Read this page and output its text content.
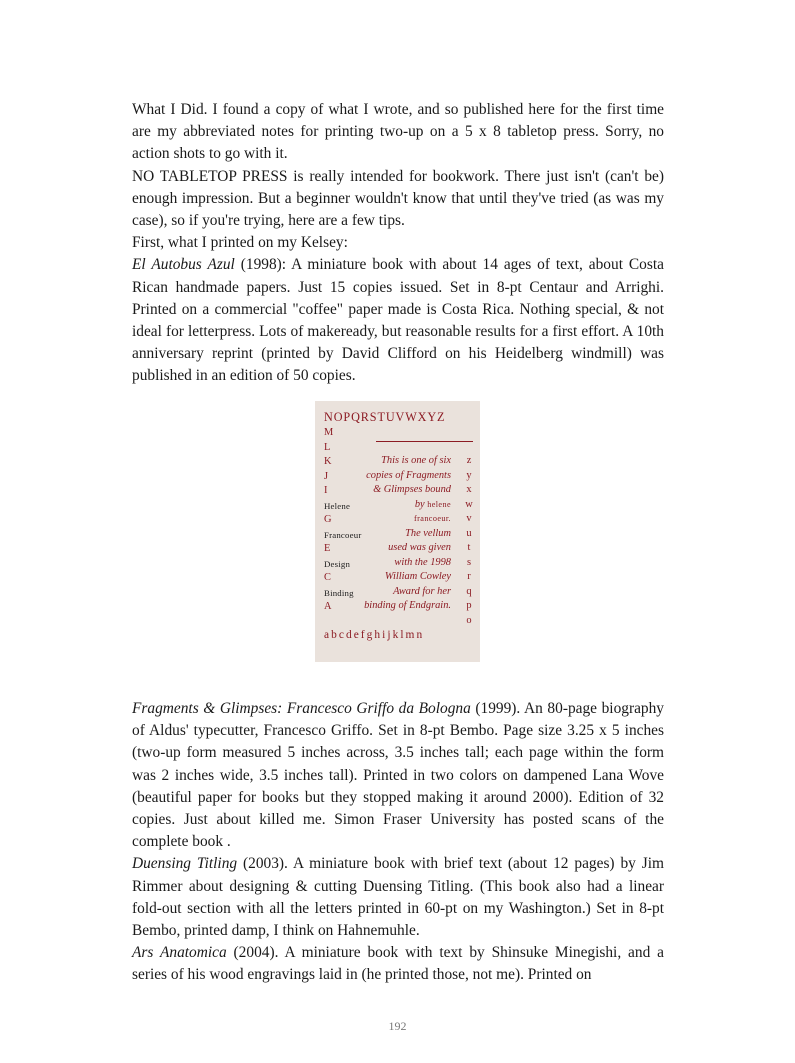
What I Did. I found a copy of what I wrote, and so published here for the first time are my abbreviated notes for printing two-up on a 5 x 8 tabletop press. Sorry, no action shots to go with it.

NO TABLETOP PRESS is really intended for bookwork. There just isn't (can't be) enough impression. But a beginner wouldn't know that until they've tried (as was my case), so if you're trying, here are a few tips.

First, what I printed on my Kelsey:

El Autobus Azul (1998): A miniature book with about 14 ages of text, about Costa Rican handmade papers. Just 15 copies issued. Set in 8-pt Centaur and Arrighi. Printed on a commercial "coffee" paper made is Costa Rica. Nothing special, & not ideal for letterpress. Lots of makeready, but reasonable results for a first effort. A 10th anniversary reprint (printed by David Clifford on his Heidelberg windmill) was published in an edition of 50 copies.

NOPQRSTUVWXYZ
M
L
K
J
I
Helene
G
Francoeur
E
Design
C
Binding
A
This is one of six
copies of Fragments
& Glimpses bound
by helene
francoeur.
The vellum
used was given
with the 1998
William Cowley
Award for her
binding of Endgrain.
z
y
x
w
v
u
t
s
r
q
p
o
abcdefghijklmn

Fragments & Glimpses: Francesco Griffo da Bologna (1999). An 80-page biography of Aldus' typecutter, Francesco Griffo. Set in 8-pt Bembo. Page size 3.25 x 5 inches (two-up form measured 5 inches across, 3.5 inches tall; each page within the form was 2 inches wide, 3.5 inches tall). Printed in two colors on dampened Lana Wove (beautiful paper for books but they stopped making it around 2000). Edition of 32 copies. Just about killed me. Simon Fraser University has posted scans of the complete book .

Duensing Titling (2003). A miniature book with brief text (about 12 pages) by Jim Rimmer about designing & cutting Duensing Titling. (This book also had a linear fold-out section with all the letters printed in 60-pt on my Washington.) Set in 8-pt Bembo, printed damp, I think on Hahnemuhle.

Ars Anatomica (2004). A miniature book with text by Shinsuke Minegishi, and a series of his wood engravings laid in (he printed those, not me). Printed on

192
